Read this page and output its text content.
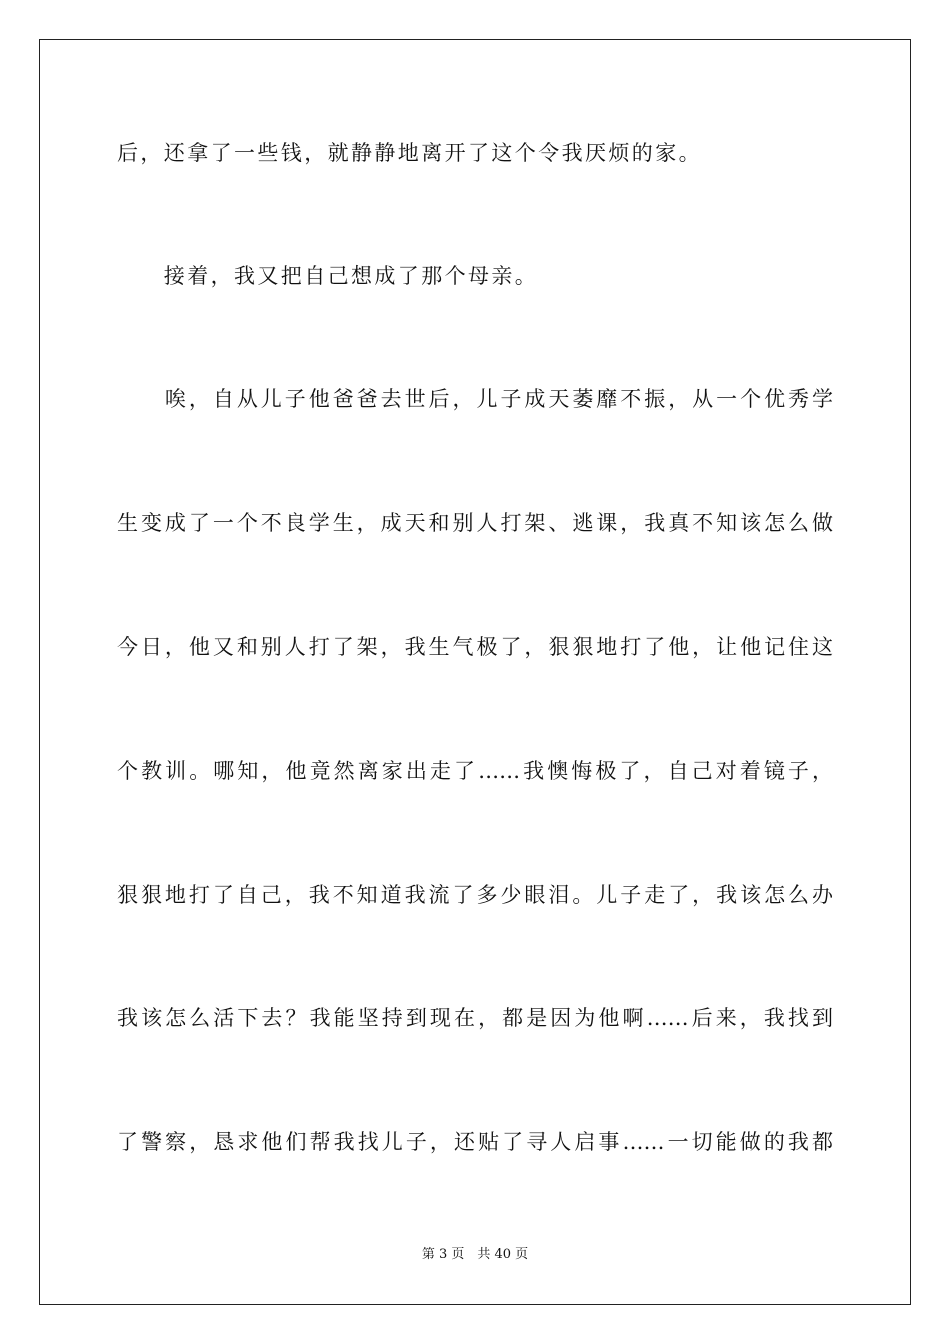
后，还拿了一些钱，就静静地离开了这个令我厌烦的家。
　　接着，我又把自己想成了那个母亲。
　　唉，自从儿子他爸爸去世后，儿子成天萎靡不振，从一个优秀学
生变成了一个不良学生，成天和别人打架、逃课，我真不知该怎么做
今日，他又和别人打了架，我生气极了，狠狠地打了他，让他记住这
个教训。哪知，他竟然离家出走了……我懊悔极了，自己对着镜子，
狠狠地打了自己，我不知道我流了多少眼泪。儿子走了，我该怎么办
我该怎么活下去？我能坚持到现在，都是因为他啊……后来，我找到
了警察，恳求他们帮我找儿子，还贴了寻人启事……一切能做的我都
第 3 页　共 40 页
